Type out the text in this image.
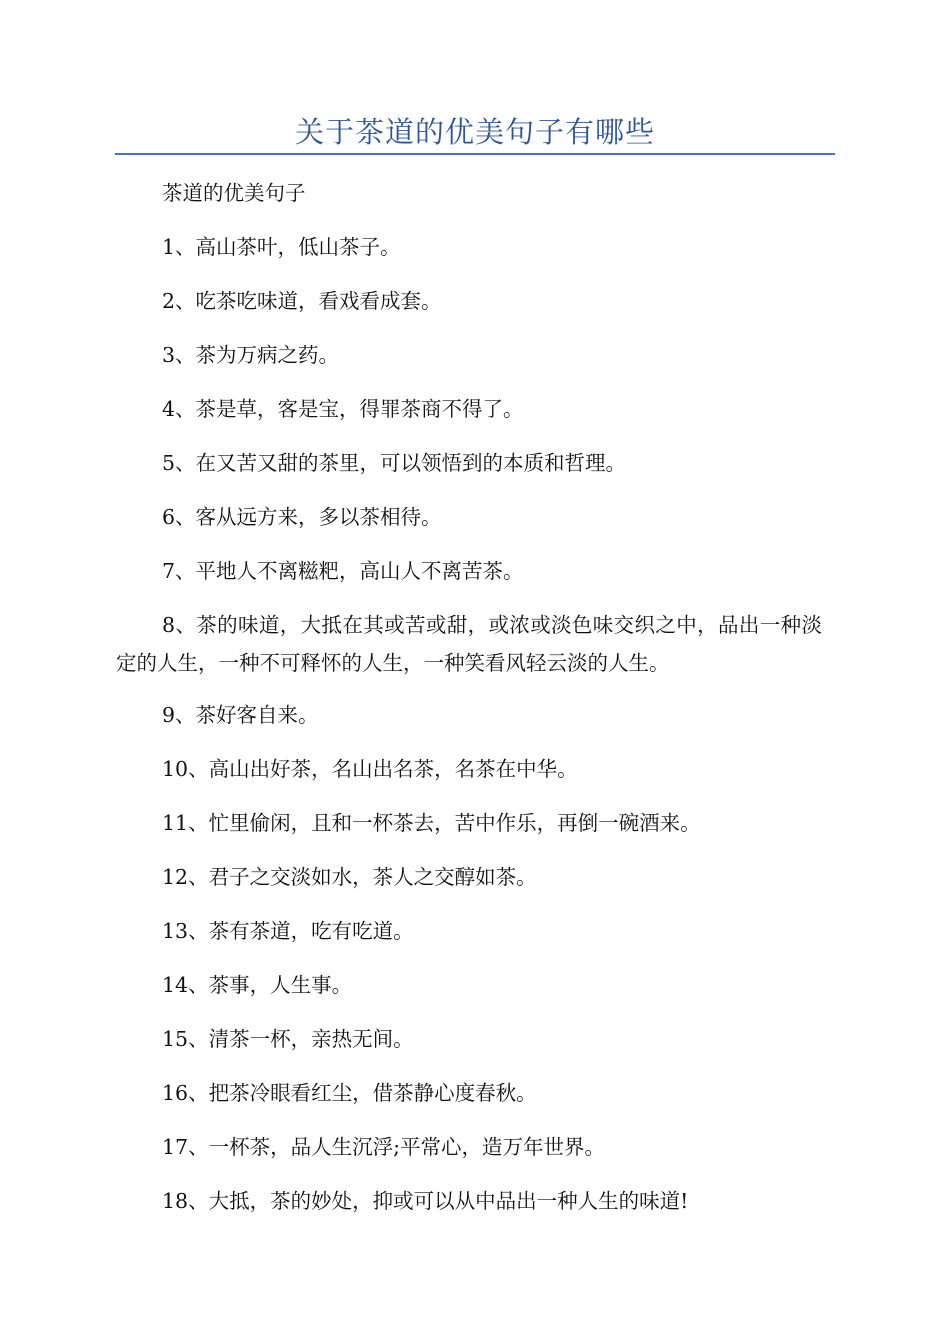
关于茶道的优美句子有哪些

茶道的优美句子

1、高山茶叶，低山茶子。

2、吃茶吃味道，看戏看成套。

3、茶为万病之药。

4、茶是草，客是宝，得罪茶商不得了。

5、在又苦又甜的茶里，可以领悟到的本质和哲理。

6、客从远方来，多以茶相待。

7、平地人不离糍粑，高山人不离苦茶。

8、茶的味道，大抵在其或苦或甜，或浓或淡色味交织之中，品出一种淡定的人生，一种不可释怀的人生，一种笑看风轻云淡的人生。

9、茶好客自来。

10、高山出好茶，名山出名茶，名茶在中华。

11、忙里偷闲，且和一杯茶去，苦中作乐，再倒一碗酒来。

12、君子之交淡如水，茶人之交醇如茶。

13、茶有茶道，吃有吃道。

14、茶事，人生事。

15、清茶一杯，亲热无间。

16、把茶冷眼看红尘，借茶静心度春秋。

17、一杯茶，品人生沉浮;平常心，造万年世界。

18、大抵，茶的妙处，抑或可以从中品出一种人生的味道!
